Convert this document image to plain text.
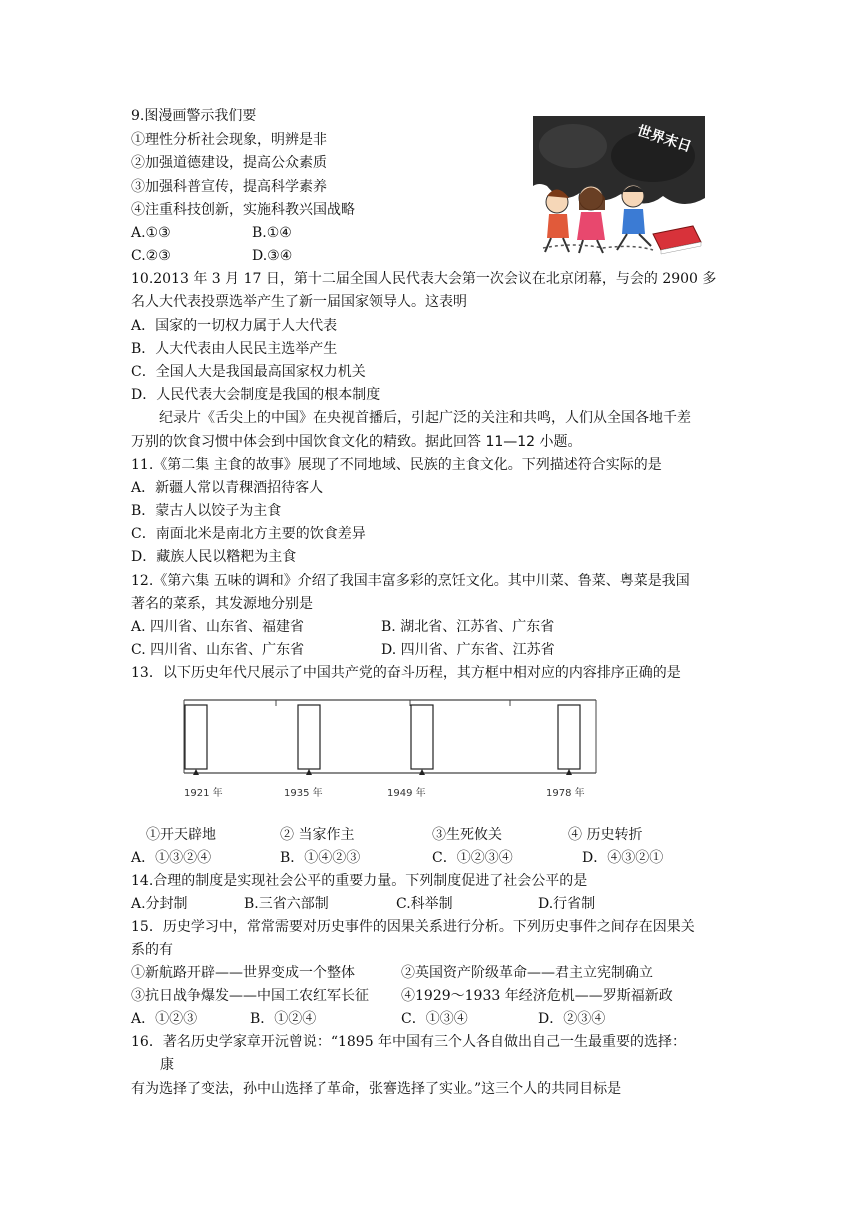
9.图漫画警示我们要
①理性分析社会现象，明辨是非
②加强道德建设，提高公众素质
③加强科普宣传，提高科学素养
④注重科技创新，实施科教兴国战略
A.①③	B.①④
C.②③	D.③④
世界末日
10.2013 年 3 月 17 日，第十二届全国人民代表大会第一次会议在北京闭幕，与会的 2900 多
名人大代表投票选举产生了新一届国家领导人。这表明
A．国家的一切权力属于人大代表
B．人大代表由人民民主选举产生
C．全国人大是我国最高国家权力机关
D．人民代表大会制度是我国的根本制度
纪录片《舌尖上的中国》在央视首播后，引起广泛的关注和共鸣，人们从全国各地千差
万别的饮食习惯中体会到中国饮食文化的精致。据此回答 11—12 小题。
11.《第二集 主食的故事》展现了不同地域、民族的主食文化。下列描述符合实际的是
A．新疆人常以青稞酒招待客人
B．蒙古人以饺子为主食
C．南面北米是南北方主要的饮食差异
D．藏族人民以糌粑为主食
12.《第六集 五味的调和》介绍了我国丰富多彩的烹饪文化。其中川菜、鲁菜、粤菜是我国
著名的菜系，其发源地分别是
A. 四川省、山东省、福建省	B. 湖北省、江苏省、广东省
C. 四川省、山东省、广东省	D. 四川省、广东省、江苏省
13．以下历史年代尺展示了中国共产党的奋斗历程，其方框中相对应的内容排序正确的是
1921 年	1935 年	1949 年	1978 年
①开天辟地	② 当家作主	③生死攸关	④ 历史转折
A．①③②④	B．①④②③	C．①②③④	D．④③②①
14.合理的制度是实现社会公平的重要力量。下列制度促进了社会公平的是
A.分封制	B.三省六部制	C.科举制	D.行省制
15．历史学习中，常常需要对历史事件的因果关系进行分析。下列历史事件之间存在因果关
系的有
①新航路开辟——世界变成一个整体	②英国资产阶级革命——君主立宪制确立
③抗日战争爆发——中国工农红军长征 ④1929～1933 年经济危机——罗斯福新政
A．①②③	B．①②④	C．①③④	D．②③④
16．著名历史学家章开沅曾说：“1895 年中国有三个人各自做出自己一生最重要的选择：
康
有为选择了变法，孙中山选择了革命，张謇选择了实业。”这三个人的共同目标是
